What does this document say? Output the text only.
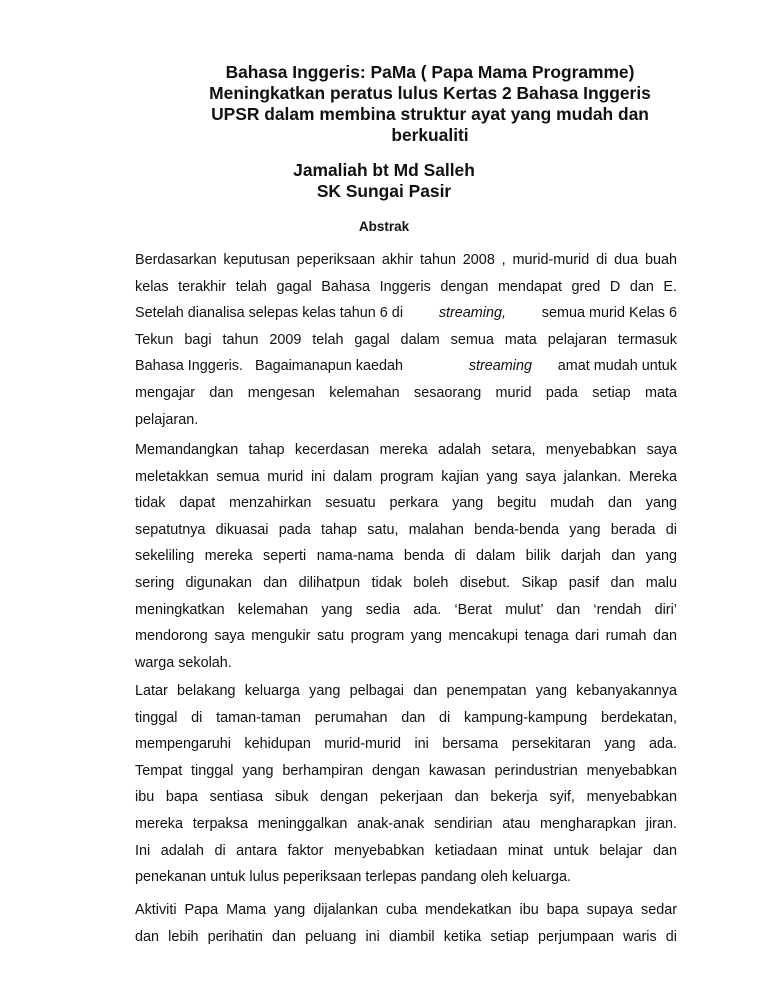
Bahasa Inggeris: PaMa ( Papa Mama Programme)
Meningkatkan peratus lulus Kertas 2 Bahasa Inggeris
UPSR dalam membina struktur ayat yang mudah dan
berkualiti
Jamaliah bt Md Salleh
SK Sungai Pasir
Abstrak
Berdasarkan keputusan peperiksaan akhir tahun 2008 , murid-murid di dua buah
kelas terakhir telah gagal Bahasa Inggeris dengan mendapat gred D dan E.
Setelah dianalisa selepas kelas tahun 6 di streaming, semua murid Kelas 6
Tekun bagi tahun 2009 telah gagal dalam semua mata pelajaran termasuk
Bahasa Inggeris.   Bagaimanapun kaedah	streaming amat mudah untuk
mengajar dan mengesan kelemahan sesaorang murid pada setiap mata
pelajaran.
Memandangkan tahap kecerdasan mereka adalah setara, menyebabkan saya
meletakkan semua murid ini dalam program kajian yang saya jalankan. Mereka
tidak dapat menzahirkan sesuatu perkara yang begitu mudah dan yang
sepatutnya dikuasai pada tahap satu, malahan benda-benda yang berada di
sekeliling mereka seperti nama-nama benda di dalam bilik darjah dan yang
sering digunakan dan dilihatpun tidak boleh disebut. Sikap pasif dan malu
meningkatkan kelemahan yang sedia ada. ‘Berat mulut’ dan ‘rendah diri’
mendorong saya mengukir satu program yang mencakupi tenaga dari rumah dan
warga sekolah.
Latar belakang keluarga yang pelbagai dan penempatan yang kebanyakannya
tinggal di taman-taman perumahan dan di kampung-kampung berdekatan,
mempengaruhi kehidupan murid-murid ini bersama persekitaran yang ada.
Tempat tinggal yang berhampiran dengan kawasan perindustrian menyebabkan
ibu bapa sentiasa sibuk dengan pekerjaan dan bekerja syif, menyebabkan
mereka terpaksa meninggalkan anak-anak sendirian atau mengharapkan jiran.
Ini adalah di antara faktor menyebabkan ketiadaan minat untuk belajar dan
penekanan untuk lulus peperiksaan terlepas pandang oleh keluarga.
Aktiviti Papa Mama yang dijalankan cuba mendekatkan ibu bapa supaya sedar
dan lebih perihatin dan peluang ini diambil ketika setiap perjumpaan waris di
